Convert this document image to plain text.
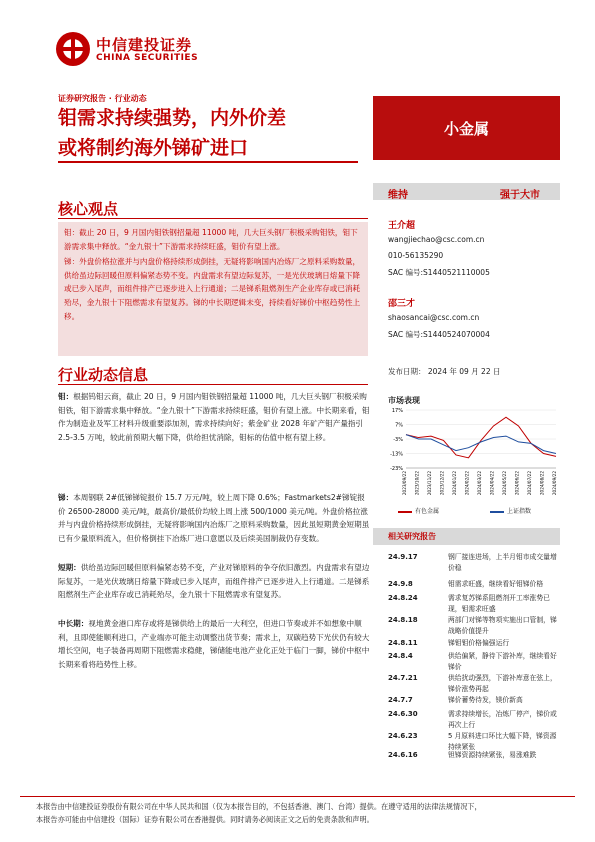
中信建投证券
CHINA SECURITIES
证券研究报告 · 行业动态
钼需求持续强势，内外价差
或将制约海外锑矿进口
小金属
核心观点

钼：截止 20 日，9 月国内钼铁钢招量超 11000 吨，几大巨头钢厂积极采购钼铁，钼下游需求集中释放。“金九银十”下游需求持续旺盛，钼价有望上涨。

锑：外盘价格拉涨并与内盘价格持续形成倒挂，无疑将影响国内冶炼厂之原料采购数量，供给虽边际回暖但原料偏紧态势不变。内盘需求有望边际复苏，一是光伏玻璃日熔量下降或已步入尾声，而组件排产已逐步进入上行通道；二是锑系阻燃剂生产企业库存或已消耗殆尽，金九银十下阻燃需求有望复苏。锑的中长期逻辑未变，持续看好锑价中枢趋势性上移。

行业动态信息
钼：根据钨钼云商，截止 20 日，9 月国内钼铁钢招量超 11000 吨，几大巨头钢厂积极采购钼铁，钼下游需求集中释放。“金九银十”下游需求持续旺盛，钼价有望上涨。中长期来看，钼作为制造业及军工材料升级重要添加剂，需求持续向好；紫金矿业 2028 年矿产钼产量指引 2.5-3.5 万吨，较此前预期大幅下降，供给担忧消除，钼标的估值中枢有望上移。
锑：本周钢联 2#低锑锑锭报价 15.7 万元/吨，较上周下降 0.6%；Fastmarkets2#锑锭报价 26500-28000 美元/吨，最高价/最低价均较上周上涨 500/1000 美元/吨。外盘价格拉涨并与内盘价格持续形成倒挂，无疑将影响国内冶炼厂之原料采购数量，因此虽短期黄金短期虽已有少量原料流入，但价格倒挂下冶炼厂进口意愿以及后续美国制裁仍存变数。
短期：供给虽边际回暖但原料偏紧态势不变，产业对锑原料的争夺依旧激烈。内盘需求有望边际复苏，一是光伏玻璃日熔量下降或已步入尾声，而组件排产已逐步进入上行通道。二是锑系阻燃剂生产企业库存或已消耗殆尽，金九银十下阻燃需求有望复苏。
中长期：视地黄金港口库存或将是锑供给上的最后一大利空，但进口节奏或并不如想象中顺利，且即使能顺利进口，产业端亦可能主动调整出货节奏；需求上，双碳趋势下光伏仍有较大增长空间，电子装备再周期下阻燃需求稳健，锑储能电池产业化正处于临门一脚，锑价中枢中长期来看将趋势性上移。
维持	强于大市
王介超
wangjiechao@csc.com.cn
010-56135290
SAC 编号:S1440521110005
邵三才
shaosancai@csc.com.cn
SAC 编号:S1440524070004
发布日期： 2024 年 09 月 22 日
市场表现
17%
7%
-3%
-13%
-23%
2023/09/22 2023/10/22 2023/11/22 2023/12/22 2024/01/22 2024/02/22 2024/03/22 2024/04/22 2024/05/22 2024/06/22 2024/07/22 2024/08/22 2024/09/22
有色金属	上证指数
相关研究报告
24.9.17	钢厂接连进场，上半月钼市成交量增价稳
24.9.8	钼需求旺盛，继续看好钼锑价格
24.8.24	需求复苏锑系阻燃剂开工率涨势已现，钼需求旺盛
24.8.18	两部门对锑等物项实施出口管制，锑战略价值提升
24.8.11	锑钼钼价格偏强运行
24.8.4	供给偏紧，静待下游补库，继续看好锑价
24.7.21	供给扰动强烈，下游补库意在弦上，锑价涨势再起
24.7.7	锑价蓄势待发，镁价新高
24.6.30	需求持续增长，冶炼厂停产，锑价或再次上行
24.6.23	5 月原料进口环比大幅下降，锑资源持续紧张
24.6.16	钽锑资源持续紧张，易涨难跌
本报告由中信建投证券股份有限公司在中华人民共和国（仅为本报告目的，不包括香港、澳门、台湾）提供。在遵守适用的法律法规情况下，
本报告亦可能由中信建投（国际）证券有限公司在香港提供。同时请务必阅读正文之后的免责条款和声明。
